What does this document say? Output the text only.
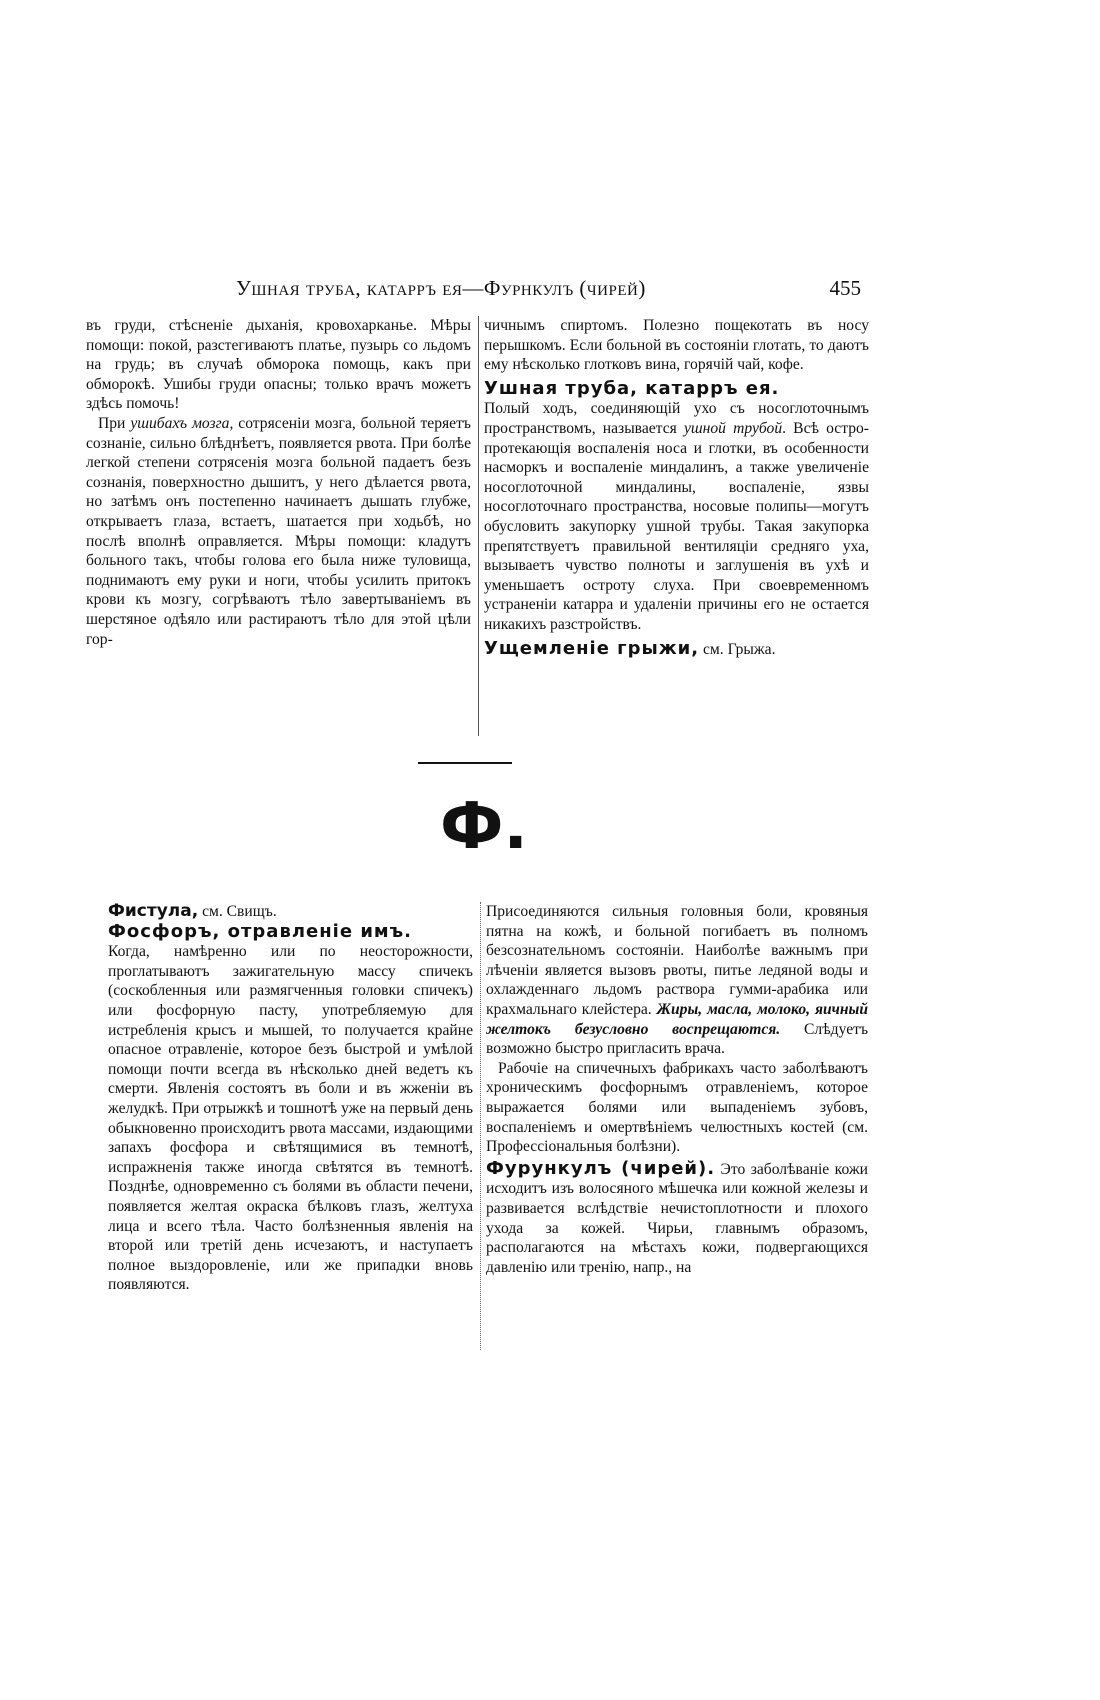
Ушная труба, катарръ ея—Фурнкулъ (чирей)	455

въ груди, стѣсненіе дыханія, кровохарканье. Мѣры помощи: покой, разстегиваютъ платье, пузырь со льдомъ на грудь; въ случаѣ обморока помощь, какъ при обморокѣ. Ушибы груди опасны; только врачъ можетъ здѣсь помочь!

При ушибахъ мозга, сотрясеніи мозга, больной теряетъ сознаніе, сильно блѣднѣетъ, появляется рвота. При болѣе легкой степени сотрясенія мозга больной падаетъ безъ сознанія, поверхностно дышитъ, у него дѣлается рвота, но затѣмъ онъ постепенно начинаетъ дышать глубже, открываетъ глаза, встаетъ, шатается при ходьбѣ, но послѣ вполнѣ оправляется. Мѣры помощи: кладутъ больного такъ, чтобы голова его была ниже туловища, поднимаютъ ему руки и ноги, чтобы усилить притокъ крови къ мозгу, согрѣваютъ тѣло завертываніемъ въ шерстяное одѣяло или растираютъ тѣло для этой цѣли гор-

чичнымъ спиртомъ. Полезно пощекотать въ носу перышкомъ. Если больной въ состояніи глотать, то даютъ ему нѣсколько глотковъ вина, горячій чай, кофе.

Ушная труба, катарръ ея.

Полый ходъ, соединяющій ухо съ носоглоточнымъ пространствомъ, называется ушной трубой. Всѣ остро-протекающія воспаленія носа и глотки, въ особенности насморкъ и воспаленіе миндалинъ, а также увеличеніе носоглоточной миндалины, воспаленіе, язвы носоглоточнаго пространства, носовые полипы—могутъ обусловить закупорку ушной трубы. Такая закупорка препятствуетъ правильной вентиляціи средняго уха, вызываетъ чувство полноты и заглушенія въ ухѣ и уменьшаетъ остроту слуха. При своевременномъ устраненіи катарра и удаленіи причины его не остается никакихъ разстройствъ.

Ущемленіе грыжи, см. Грыжа.

Ф.

Фистула, см. Свищъ.

Фосфоръ, отравленіе имъ.

Когда, намѣренно или по неосторожности, проглатываютъ зажигательную массу спичекъ (соскобленныя или размягченныя головки спичекъ) или фосфорную пасту, употребляемую для истребленія крысъ и мышей, то получается крайне опасное отравленіе, которое безъ быстрой и умѣлой помощи почти всегда въ нѣсколько дней ведетъ къ смерти. Явленія состоятъ въ боли и въ жженіи въ желудкѣ. При отрыжкѣ и тошнотѣ уже на первый день обыкновенно происходитъ рвота массами, издающими запахъ фосфора и свѣтящимися въ темнотѣ, испражненія также иногда свѣтятся въ темнотѣ. Позднѣе, одновременно съ болями въ области печени, появляется желтая окраска бѣлковъ глазъ, желтуха лица и всего тѣла. Часто болѣзненныя явленія на второй или третій день исчезаютъ, и наступаетъ полное выздоровленіе, или же припадки вновь появляются.

Присоединяются сильныя головныя боли, кровяныя пятна на кожѣ, и больной погибаетъ въ полномъ безсознательномъ состояніи. Наиболѣе важнымъ при лѣченіи является вызовъ рвоты, питье ледяной воды и охлажденнаго льдомъ раствора гумми-арабика или крахмальнаго клейстера. Жиры, масла, молоко, яичный желтокъ безусловно воспрещаются. Слѣдуетъ возможно быстро пригласить врача.

Рабочіе на спичечныхъ фабрикахъ часто заболѣваютъ хроническимъ фосфорнымъ отравленіемъ, которое выражается болями или выпаденіемъ зубовъ, воспаленіемъ и омертвѣніемъ челюстныхъ костей (см. Профессіональныя болѣзни).

Фурункулъ (чирей). Это заболѣваніе кожи исходитъ изъ волосяного мѣшечка или кожной железы и развивается вслѣдствіе нечистоплотности и плохого ухода за кожей. Чирьи, главнымъ образомъ, располагаются на мѣстахъ кожи, подвергающихся давленію или тренію, напр., на
